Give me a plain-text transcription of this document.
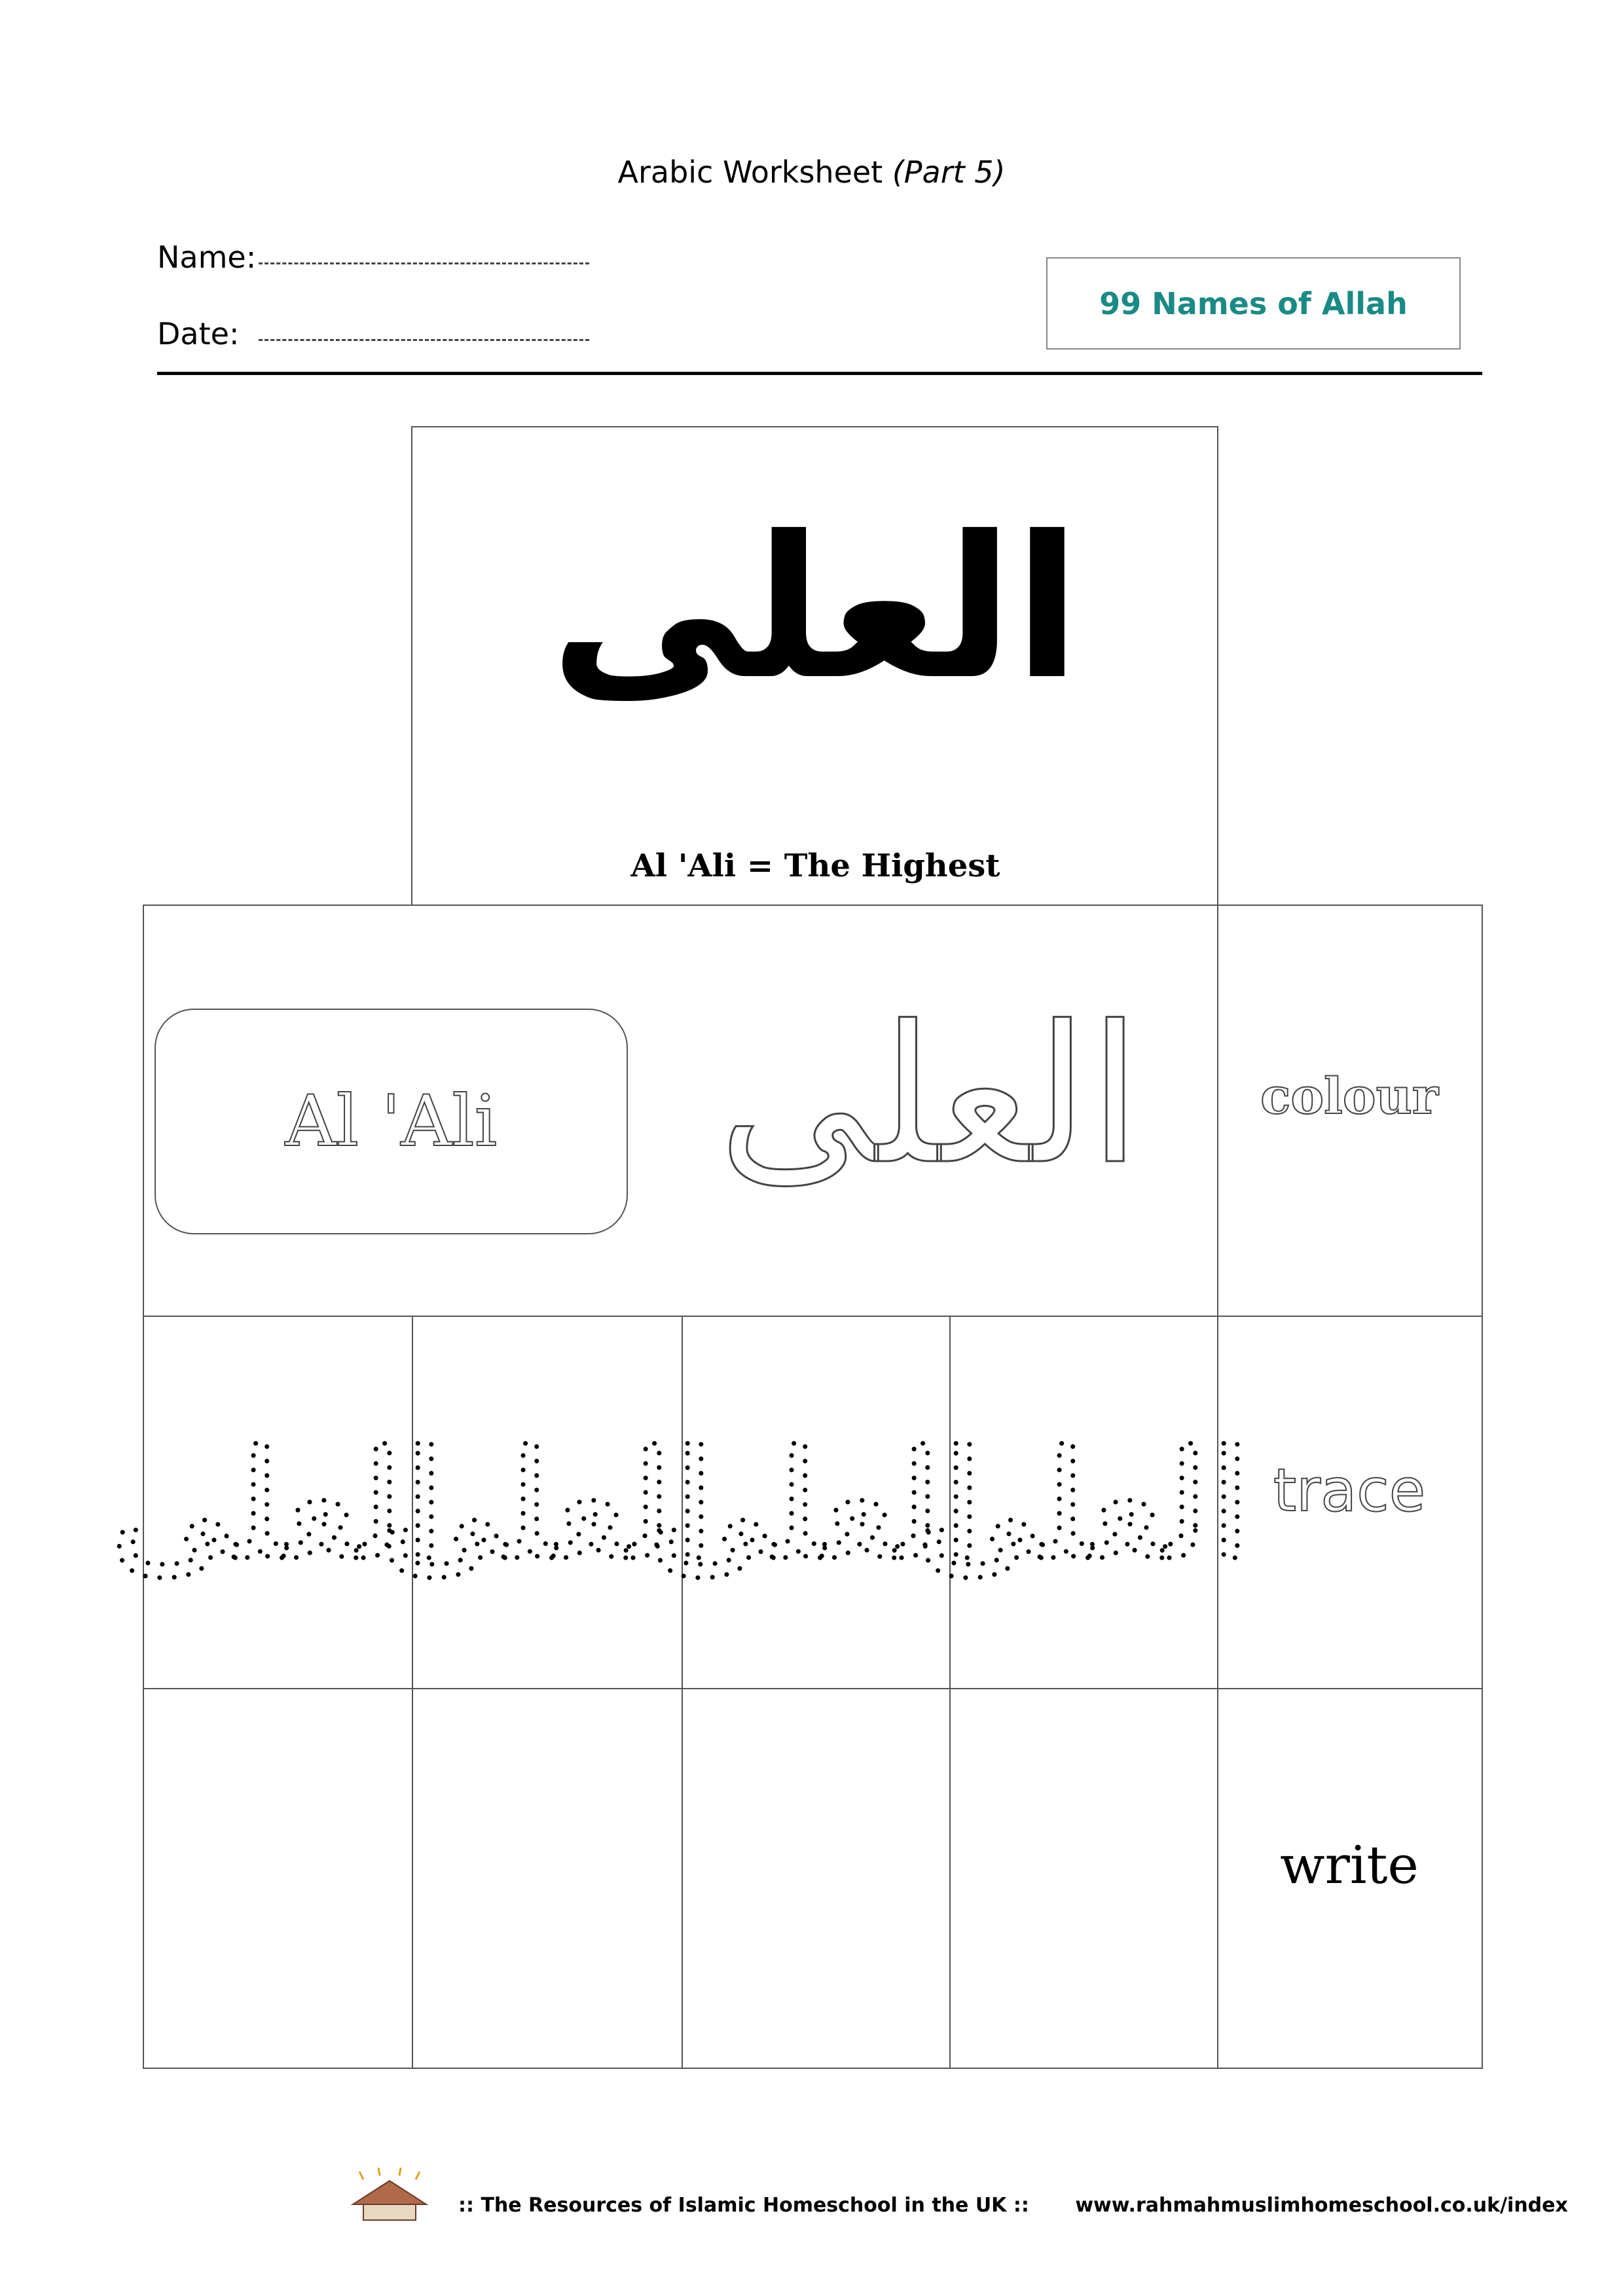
Arabic Worksheet (Part 5)
Name:
Date:
99 Names of Allah
العلى
Al 'Ali = The Highest
Al 'Ali	العلى	colour
العلى
العلى
العلى
العلى trace
write
:: The Resources of Islamic Homeschool in the UK :: www.rahmahmuslimhomeschool.co.uk/index
